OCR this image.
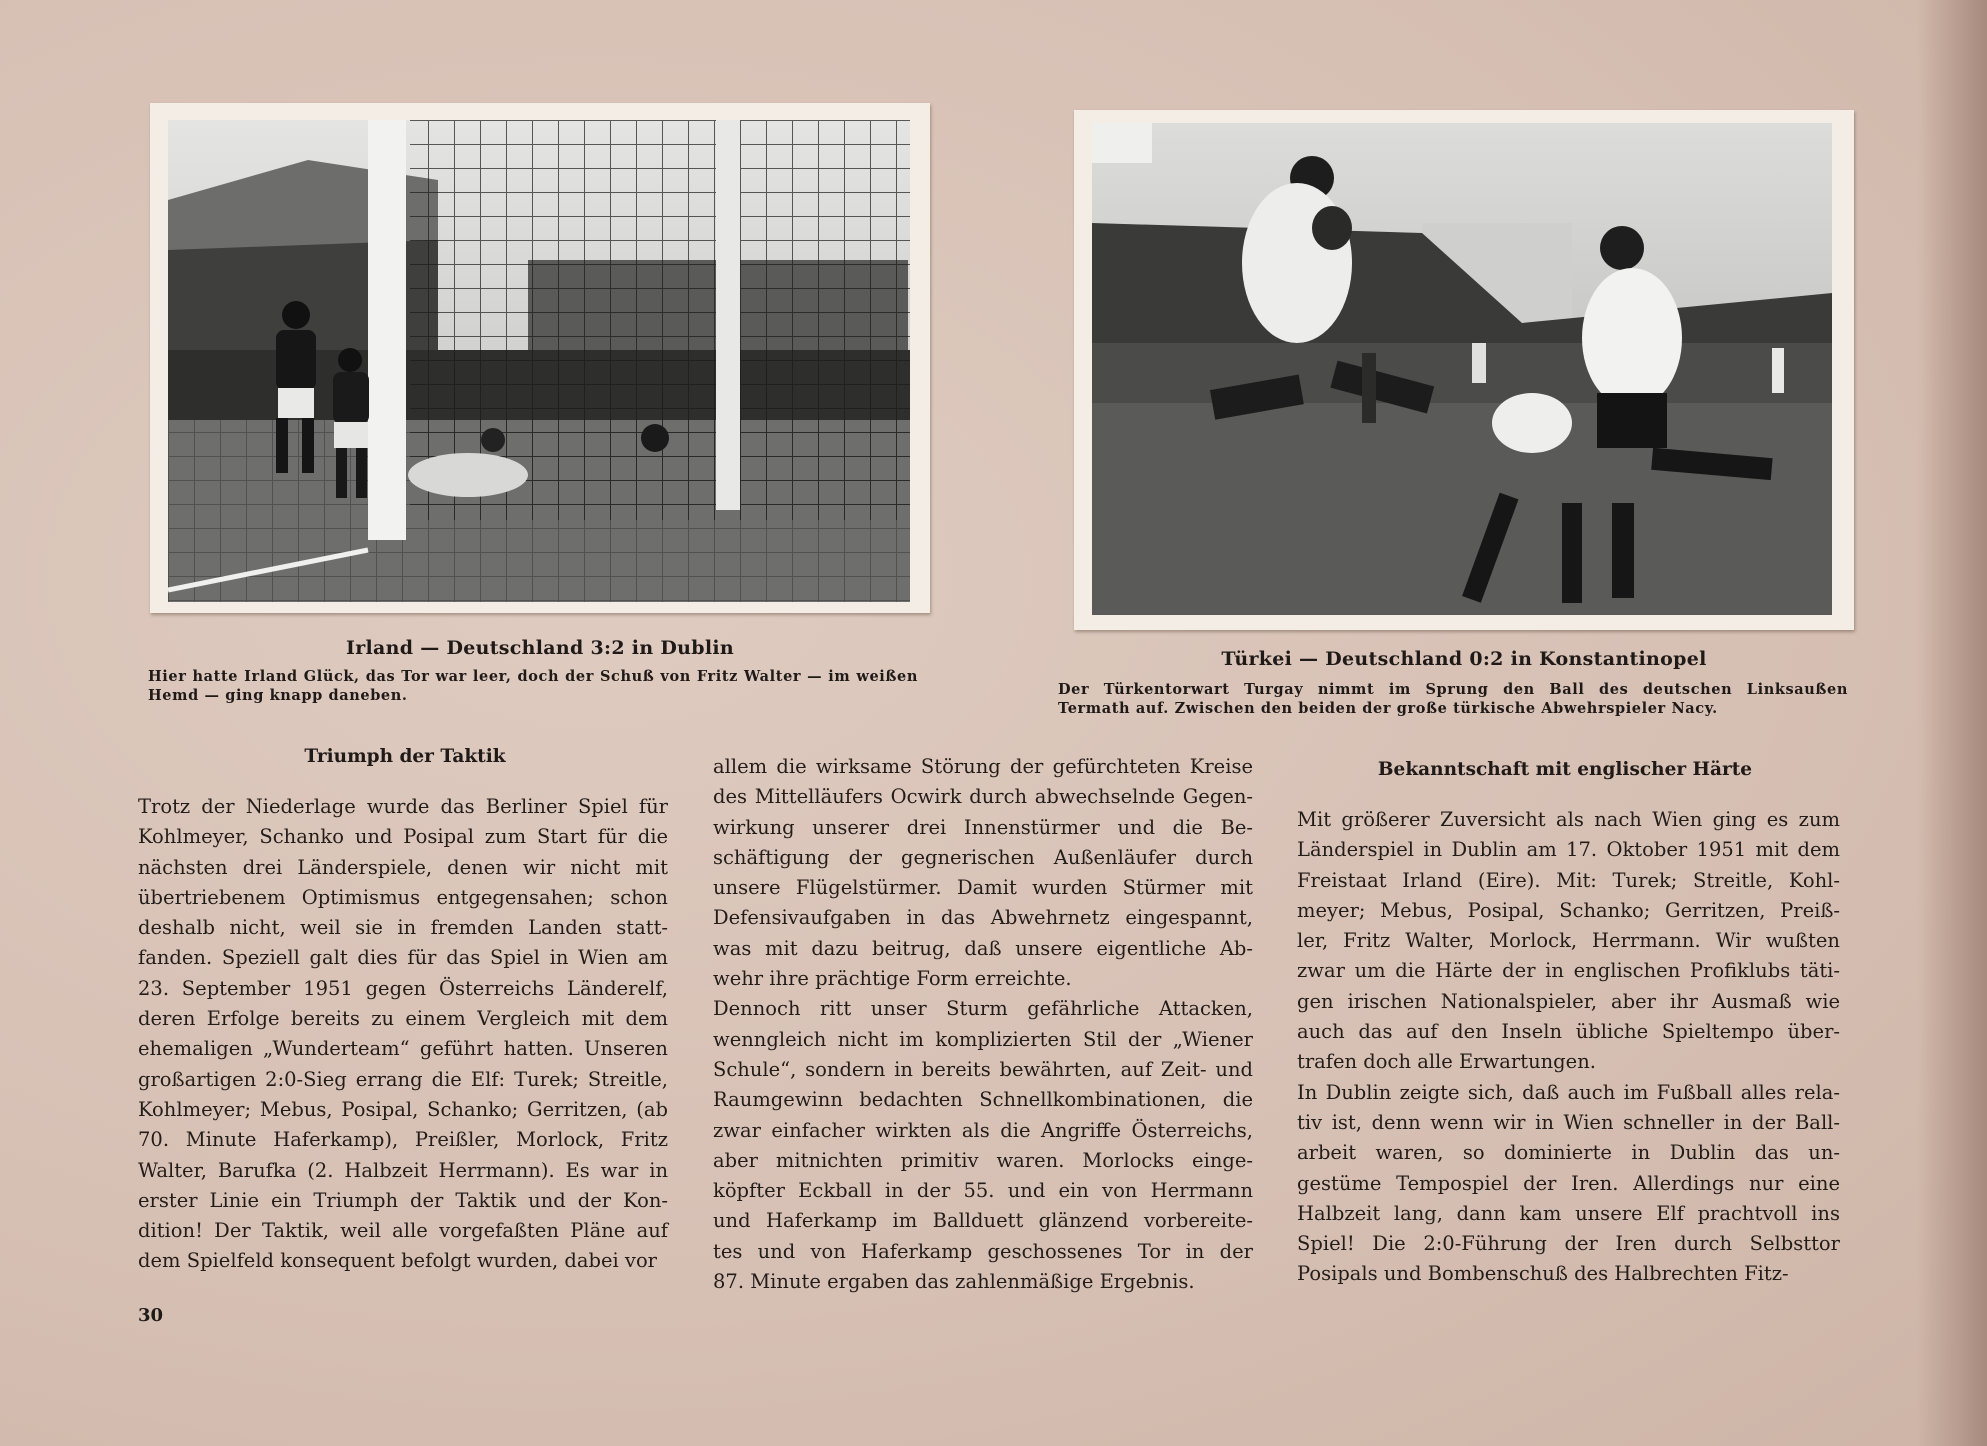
Irland — Deutschland 3:2 in Dublin
Hier hatte Irland Glück, das Tor war leer, doch der Schuß von Fritz Walter — im weißen
Hemd — ging knapp daneben.
Türkei — Deutschland 0:2 in Konstantinopel
Der Türkentorwart Turgay nimmt im Sprung den Ball des deutschen Linksaußen
Termath auf. Zwischen den beiden der große türkische Abwehrspieler Nacy.
Triumph der Taktik
Bekanntschaft mit englischer Härte
Trotz der Niederlage wurde das Berliner Spiel für
Kohlmeyer, Schanko und Posipal zum Start für die
nächsten drei Länderspiele, denen wir nicht mit
übertriebenem Optimismus entgegensahen; schon
deshalb nicht, weil sie in fremden Landen statt-
fanden. Speziell galt dies für das Spiel in Wien am
23. September 1951 gegen Österreichs Länderelf,
deren Erfolge bereits zu einem Vergleich mit dem
ehemaligen „Wunderteam“ geführt hatten. Unseren
großartigen 2:0-Sieg errang die Elf: Turek; Streitle,
Kohlmeyer; Mebus, Posipal, Schanko; Gerritzen, (ab
70. Minute Haferkamp), Preißler, Morlock, Fritz
Walter, Barufka (2. Halbzeit Herrmann). Es war in
erster Linie ein Triumph der Taktik und der Kon-
dition! Der Taktik, weil alle vorgefaßten Pläne auf
dem Spielfeld konsequent befolgt wurden, dabei vor
allem die wirksame Störung der gefürchteten Kreise
des Mittelläufers Ocwirk durch abwechselnde Gegen-
wirkung unserer drei Innenstürmer und die Be-
schäftigung der gegnerischen Außenläufer durch
unsere Flügelstürmer. Damit wurden Stürmer mit
Defensivaufgaben in das Abwehrnetz eingespannt,
was mit dazu beitrug, daß unsere eigentliche Ab-
wehr ihre prächtige Form erreichte.
Dennoch ritt unser Sturm gefährliche Attacken,
wenngleich nicht im komplizierten Stil der „Wiener
Schule“, sondern in bereits bewährten, auf Zeit- und
Raumgewinn bedachten Schnellkombinationen, die
zwar einfacher wirkten als die Angriffe Österreichs,
aber mitnichten primitiv waren. Morlocks einge-
köpfter Eckball in der 55. und ein von Herrmann
und Haferkamp im Ballduett glänzend vorbereite-
tes und von Haferkamp geschossenes Tor in der
87. Minute ergaben das zahlenmäßige Ergebnis.
Mit größerer Zuversicht als nach Wien ging es zum
Länderspiel in Dublin am 17. Oktober 1951 mit dem
Freistaat Irland (Eire). Mit: Turek; Streitle, Kohl-
meyer; Mebus, Posipal, Schanko; Gerritzen, Preiß-
ler, Fritz Walter, Morlock, Herrmann. Wir wußten
zwar um die Härte der in englischen Profiklubs täti-
gen irischen Nationalspieler, aber ihr Ausmaß wie
auch das auf den Inseln übliche Spieltempo über-
trafen doch alle Erwartungen.
In Dublin zeigte sich, daß auch im Fußball alles rela-
tiv ist, denn wenn wir in Wien schneller in der Ball-
arbeit waren, so dominierte in Dublin das un-
gestüme Tempospiel der Iren. Allerdings nur eine
Halbzeit lang, dann kam unsere Elf prachtvoll ins
Spiel! Die 2:0-Führung der Iren durch Selbsttor
Posipals und Bombenschuß des Halbrechten Fitz-
30
